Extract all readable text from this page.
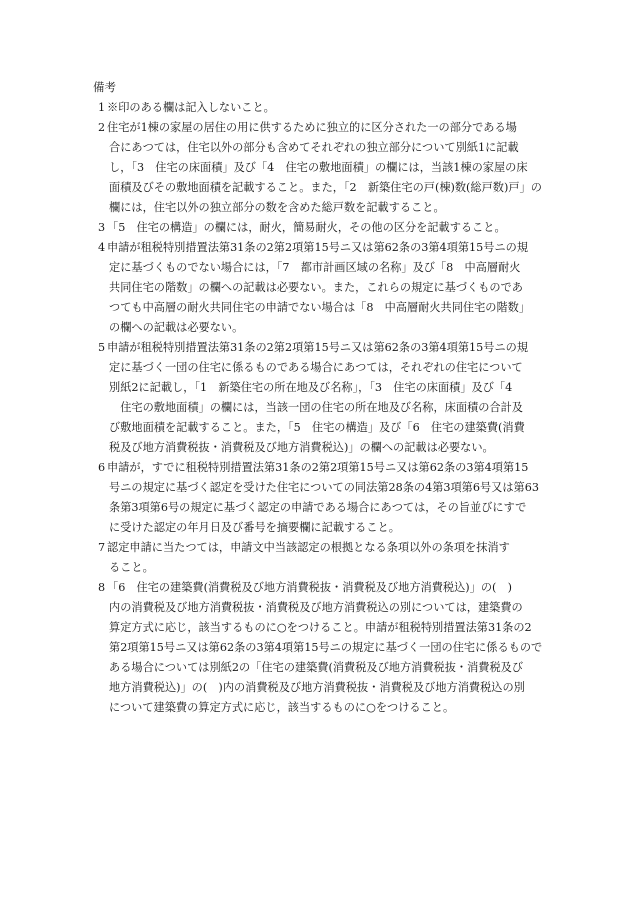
備考

1 ※印のある欄は記入しないこと。

2 住宅が1棟の家屋の居住の用に供するために独立的に区分された一の部分である場
合にあつては，住宅以外の部分も含めてそれぞれの独立部分について別紙1に記載
し，「3　住宅の床面積」及び「4　住宅の敷地面積」の欄には，当該1棟の家屋の床
面積及びその敷地面積を記載すること。また，「2　新築住宅の戸(棟)数(総戸数)戸」の
欄には，住宅以外の独立部分の数を含めた総戸数を記載すること。

3 「5　住宅の構造」の欄には，耐火，簡易耐火，その他の区分を記載すること。

4 申請が租税特別措置法第31条の2第2項第15号ニ又は第62条の3第4項第15号ニの規
定に基づくものでない場合には，「7　都市計画区域の名称」及び「8　中高層耐火
共同住宅の階数」の欄への記載は必要ない。また，これらの規定に基づくものであ
つても中高層の耐火共同住宅の申請でない場合は「8　中高層耐火共同住宅の階数」
の欄への記載は必要ない。

5 申請が租税特別措置法第31条の2第2項第15号ニ又は第62条の3第4項第15号ニの規
定に基づく一団の住宅に係るものである場合にあつては，それぞれの住宅について
別紙2に記載し，「1　新築住宅の所在地及び名称」，「3　住宅の床面積」及び「4
　住宅の敷地面積」の欄には，当該一団の住宅の所在地及び名称，床面積の合計及
び敷地面積を記載すること。また，「5　住宅の構造」及び「6　住宅の建築費(消費
税及び地方消費税抜・消費税及び地方消費税込)」の欄への記載は必要ない。

6 申請が，すでに租税特別措置法第31条の2第2項第15号ニ又は第62条の3第4項第15
号ニの規定に基づく認定を受けた住宅についての同法第28条の4第3項第6号又は第63
条第3項第6号の規定に基づく認定の申請である場合にあつては，その旨並びにすで
に受けた認定の年月日及び番号を摘要欄に記載すること。

7 認定申請に当たつては，申請文中当該認定の根拠となる条項以外の条項を抹消す
ること。

8 「6　住宅の建築費(消費税及び地方消費税抜・消費税及び地方消費税込)」の(　)
内の消費税及び地方消費税抜・消費税及び地方消費税込の別については，建築費の
算定方式に応じ，該当するものに○をつけること。申請が租税特別措置法第31条の2
第2項第15号ニ又は第62条の3第4項第15号ニの規定に基づく一団の住宅に係るもので
ある場合については別紙2の「住宅の建築費(消費税及び地方消費税抜・消費税及び
地方消費税込)」の(　)内の消費税及び地方消費税抜・消費税及び地方消費税込の別
について建築費の算定方式に応じ，該当するものに○をつけること。
